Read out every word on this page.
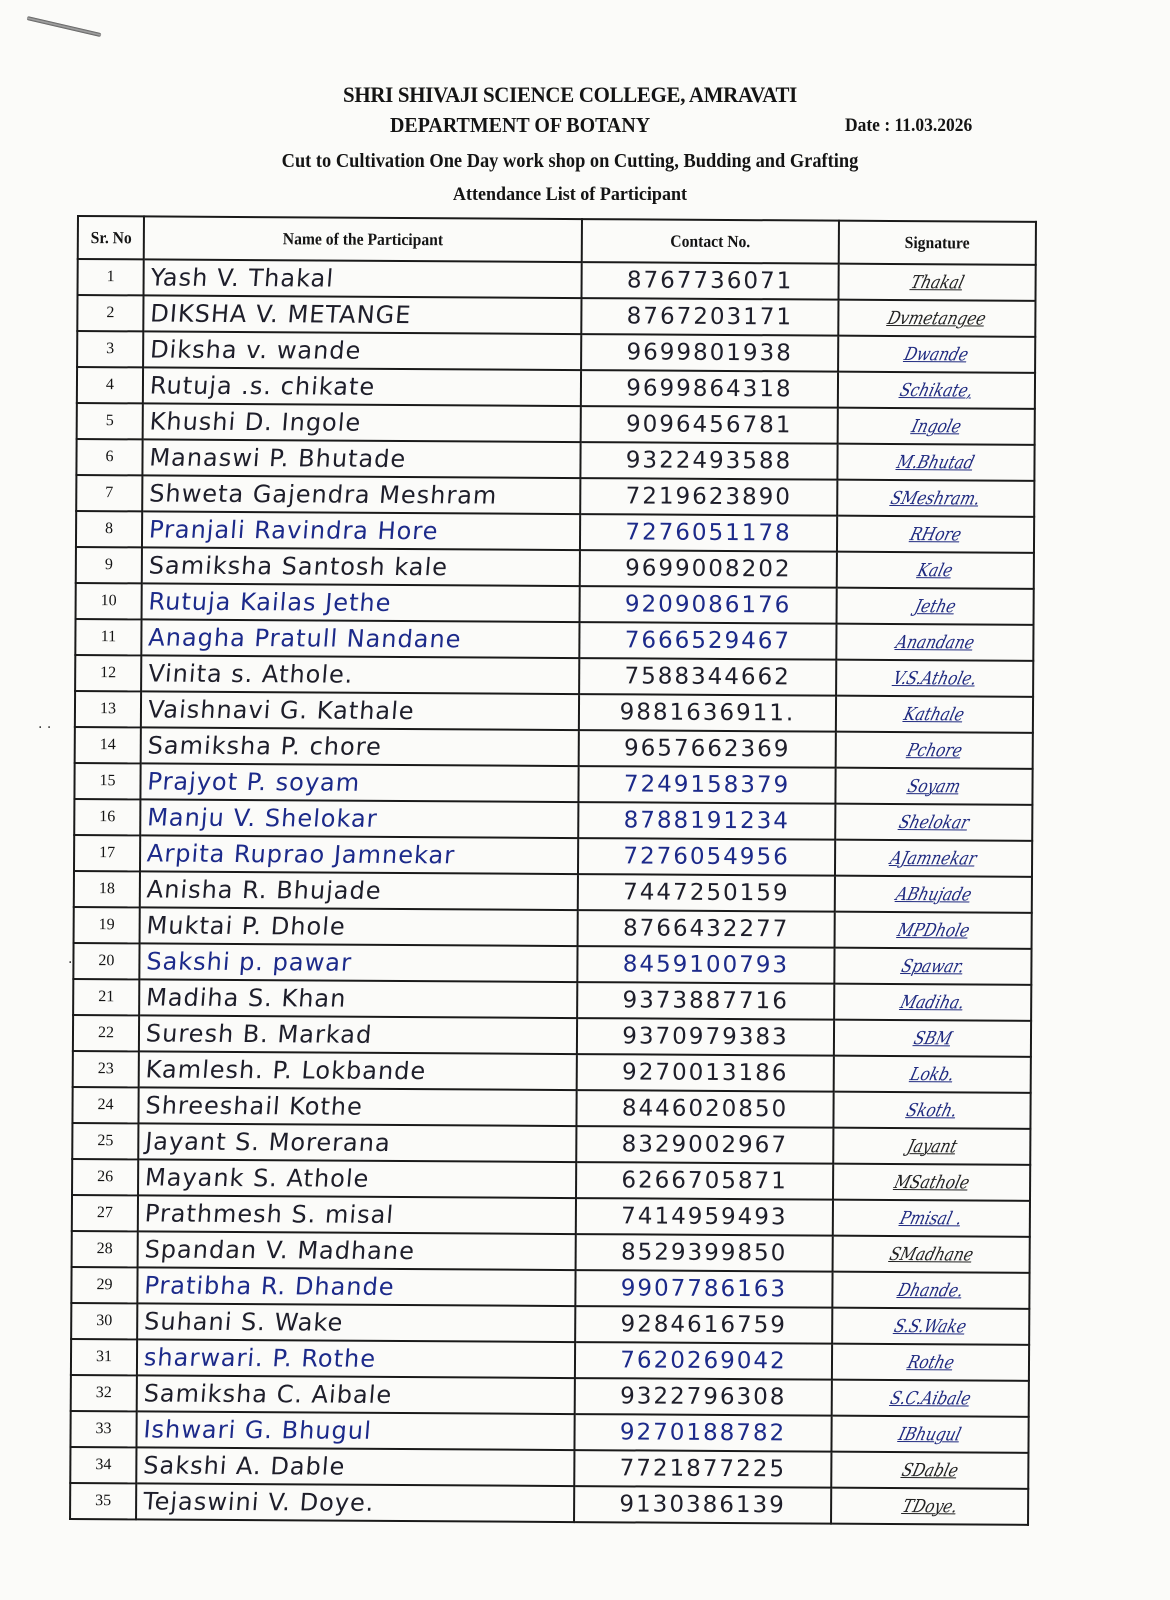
SHRI SHIVAJI SCIENCE COLLEGE, AMRAVATI
DEPARTMENT OF BOTANY	Date : 11.03.2026
Cut to Cultivation One Day work shop on Cutting, Budding and Grafting
Attendance List of Participant
· ·
·
Sr. No	Name of the Participant	Contact No.	Signature
1	Yash V. Thakal	8767736071	Thakal
2	DIKSHA V. METANGE	8767203171	Dvmetangee
3	Diksha v. wande	9699801938	Dwande
4	Rutuja .s. chikate	9699864318	Schikate,
5	Khushi D. Ingole	9096456781	Ingole
6	Manaswi P. Bhutade	9322493588	M.Bhutad
7	Shweta Gajendra Meshram	7219623890	SMeshram.
8	Pranjali Ravindra Hore	7276051178	RHore
9	Samiksha Santosh kale	9699008202	Kale
10	Rutuja Kailas Jethe	9209086176	Jethe
11	Anagha Pratull Nandane	7666529467	Anandane
12	Vinita s. Athole.	7588344662	V.S.Athole.
13	Vaishnavi G. Kathale	9881636911.	Kathale
14	Samiksha P. chore	9657662369	Pchore
15	Prajyot P. soyam	7249158379	Soyam
16	Manju V. Shelokar	8788191234	Shelokar
17	Arpita Ruprao Jamnekar	7276054956	AJamnekar
18	Anisha R. Bhujade	7447250159	ABhujade
19	Muktai P. Dhole	8766432277	MPDhole
20	Sakshi p. pawar	8459100793	Spawar.
21	Madiha S. Khan	9373887716	Madiha.
22	Suresh B. Markad	9370979383	SBM
23	Kamlesh. P. Lokbande	9270013186	Lokb.
24	Shreeshail Kothe	8446020850	Skoth.
25	Jayant S. Morerana	8329002967	Jayant
26	Mayank S. Athole	6266705871	MSathole
27	Prathmesh S. misal	7414959493	Pmisal .
28	Spandan V. Madhane	8529399850	SMadhane
29	Pratibha R. Dhande	9907786163	Dhande.
30	Suhani S. Wake	9284616759	S.S.Wake
31	sharwari. P. Rothe	7620269042	Rothe
32	Samiksha C. Aibale	9322796308	S.C.Aibale
33	Ishwari G. Bhugul	9270188782	IBhugul
34	Sakshi A. Dable	7721877225	SDable
35	Tejaswini V. Doye.	9130386139	TDoye.
